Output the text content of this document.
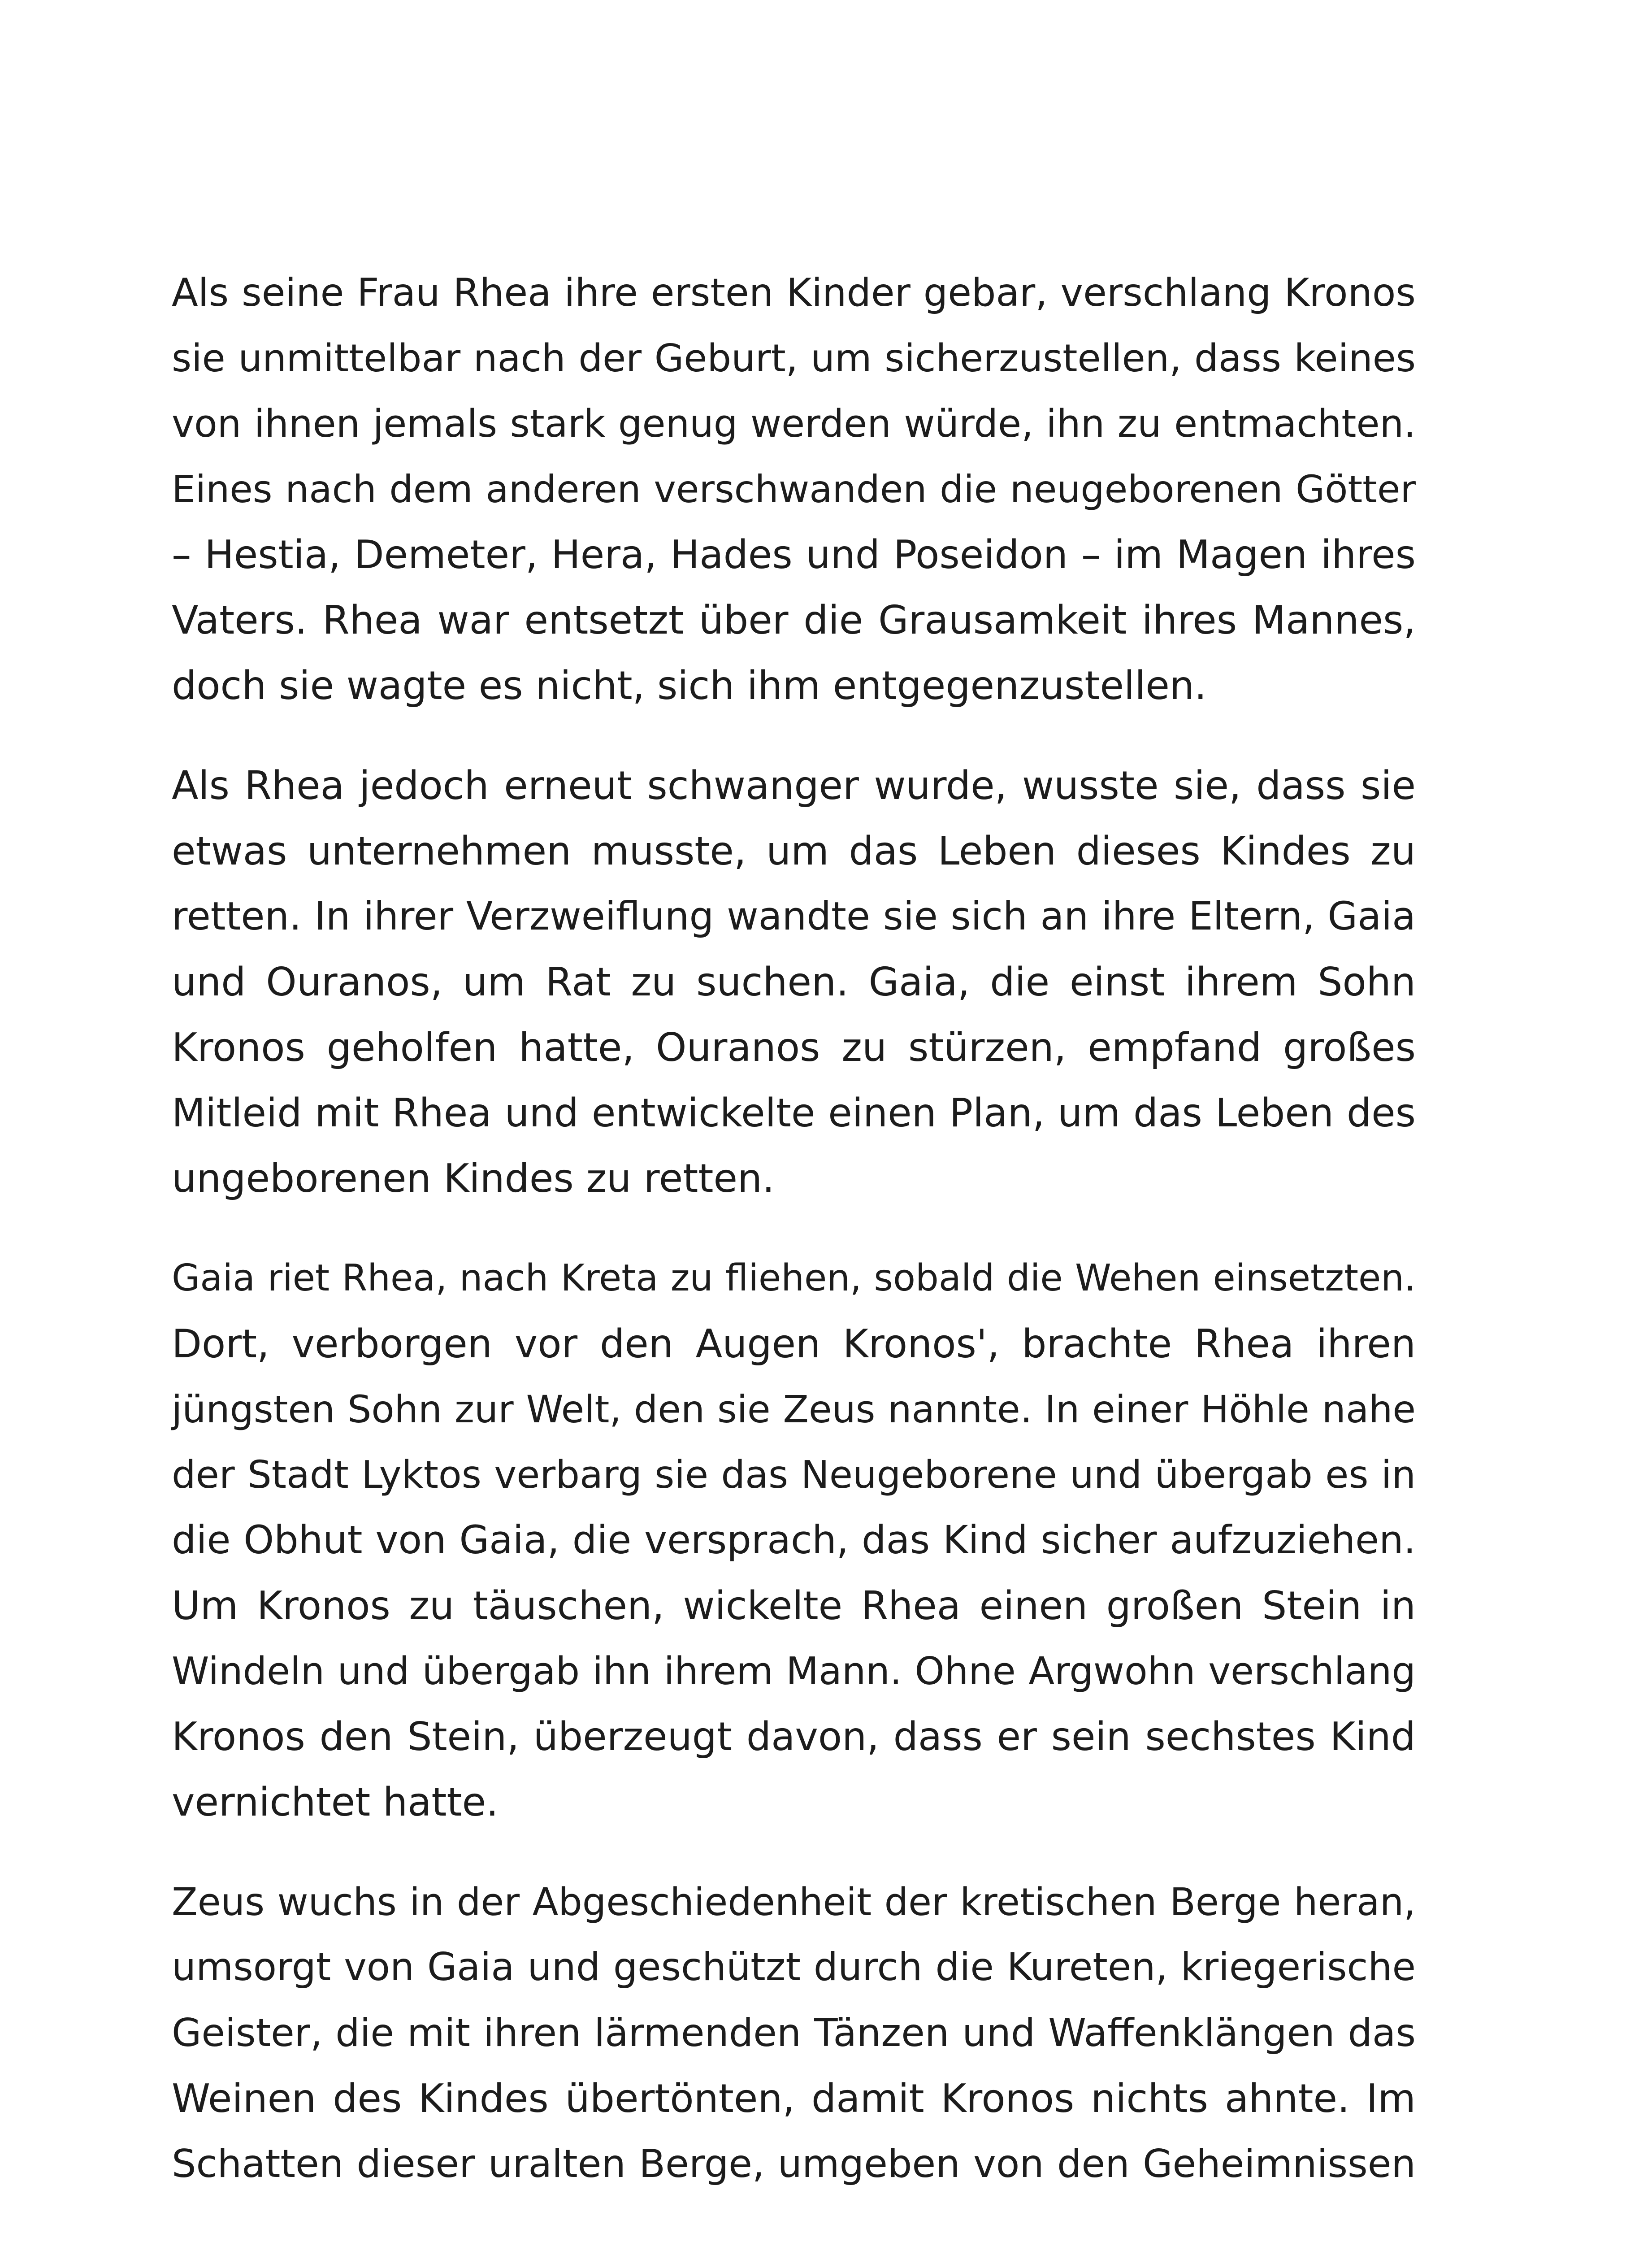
Als seine Frau Rhea ihre ersten Kinder gebar, verschlang Kronos
sie unmittelbar nach der Geburt, um sicherzustellen, dass keines
von ihnen jemals stark genug werden würde, ihn zu entmachten.
Eines nach dem anderen verschwanden die neugeborenen Götter
– Hestia, Demeter, Hera, Hades und Poseidon – im Magen ihres
Vaters. Rhea war entsetzt über die Grausamkeit ihres Mannes,
doch sie wagte es nicht, sich ihm entgegenzustellen.

Als Rhea jedoch erneut schwanger wurde, wusste sie, dass sie
etwas unternehmen musste, um das Leben dieses Kindes zu
retten. In ihrer Verzweiflung wandte sie sich an ihre Eltern, Gaia
und Ouranos, um Rat zu suchen. Gaia, die einst ihrem Sohn
Kronos geholfen hatte, Ouranos zu stürzen, empfand großes
Mitleid mit Rhea und entwickelte einen Plan, um das Leben des
ungeborenen Kindes zu retten.

Gaia riet Rhea, nach Kreta zu fliehen, sobald die Wehen einsetzten.
Dort, verborgen vor den Augen Kronos', brachte Rhea ihren
jüngsten Sohn zur Welt, den sie Zeus nannte. In einer Höhle nahe
der Stadt Lyktos verbarg sie das Neugeborene und übergab es in
die Obhut von Gaia, die versprach, das Kind sicher aufzuziehen.
Um Kronos zu täuschen, wickelte Rhea einen großen Stein in
Windeln und übergab ihn ihrem Mann. Ohne Argwohn verschlang
Kronos den Stein, überzeugt davon, dass er sein sechstes Kind
vernichtet hatte.

Zeus wuchs in der Abgeschiedenheit der kretischen Berge heran,
umsorgt von Gaia und geschützt durch die Kureten, kriegerische
Geister, die mit ihren lärmenden Tänzen und Waffenklängen das
Weinen des Kindes übertönten, damit Kronos nichts ahnte. Im
Schatten dieser uralten Berge, umgeben von den Geheimnissen
